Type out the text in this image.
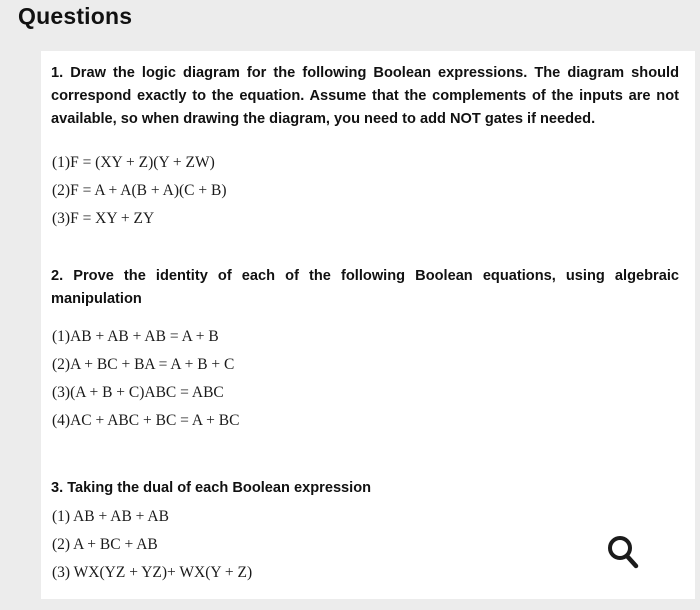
Questions
1. Draw the logic diagram for the following Boolean expressions. The diagram should correspond exactly to the equation. Assume that the complements of the inputs are not available, so when drawing the diagram, you need to add NOT gates if needed.
(1)F = (XY + Z)(Y + ZW)
(2)F = A + A(B + A)(C + B)
(3)F = XY + ZY
2. Prove the identity of each of the following Boolean equations, using algebraic manipulation
(1)AB + AB + AB = A + B
(2)A + BC + BA = A + B + C
(3)(A + B + C)ABC = ABC
(4)AC + ABC + BC = A + BC
3. Taking the dual of each Boolean expression
(1) AB + AB + AB
(2) A + BC + AB
(3) WX(YZ + YZ)+ WX(Y + Z)
